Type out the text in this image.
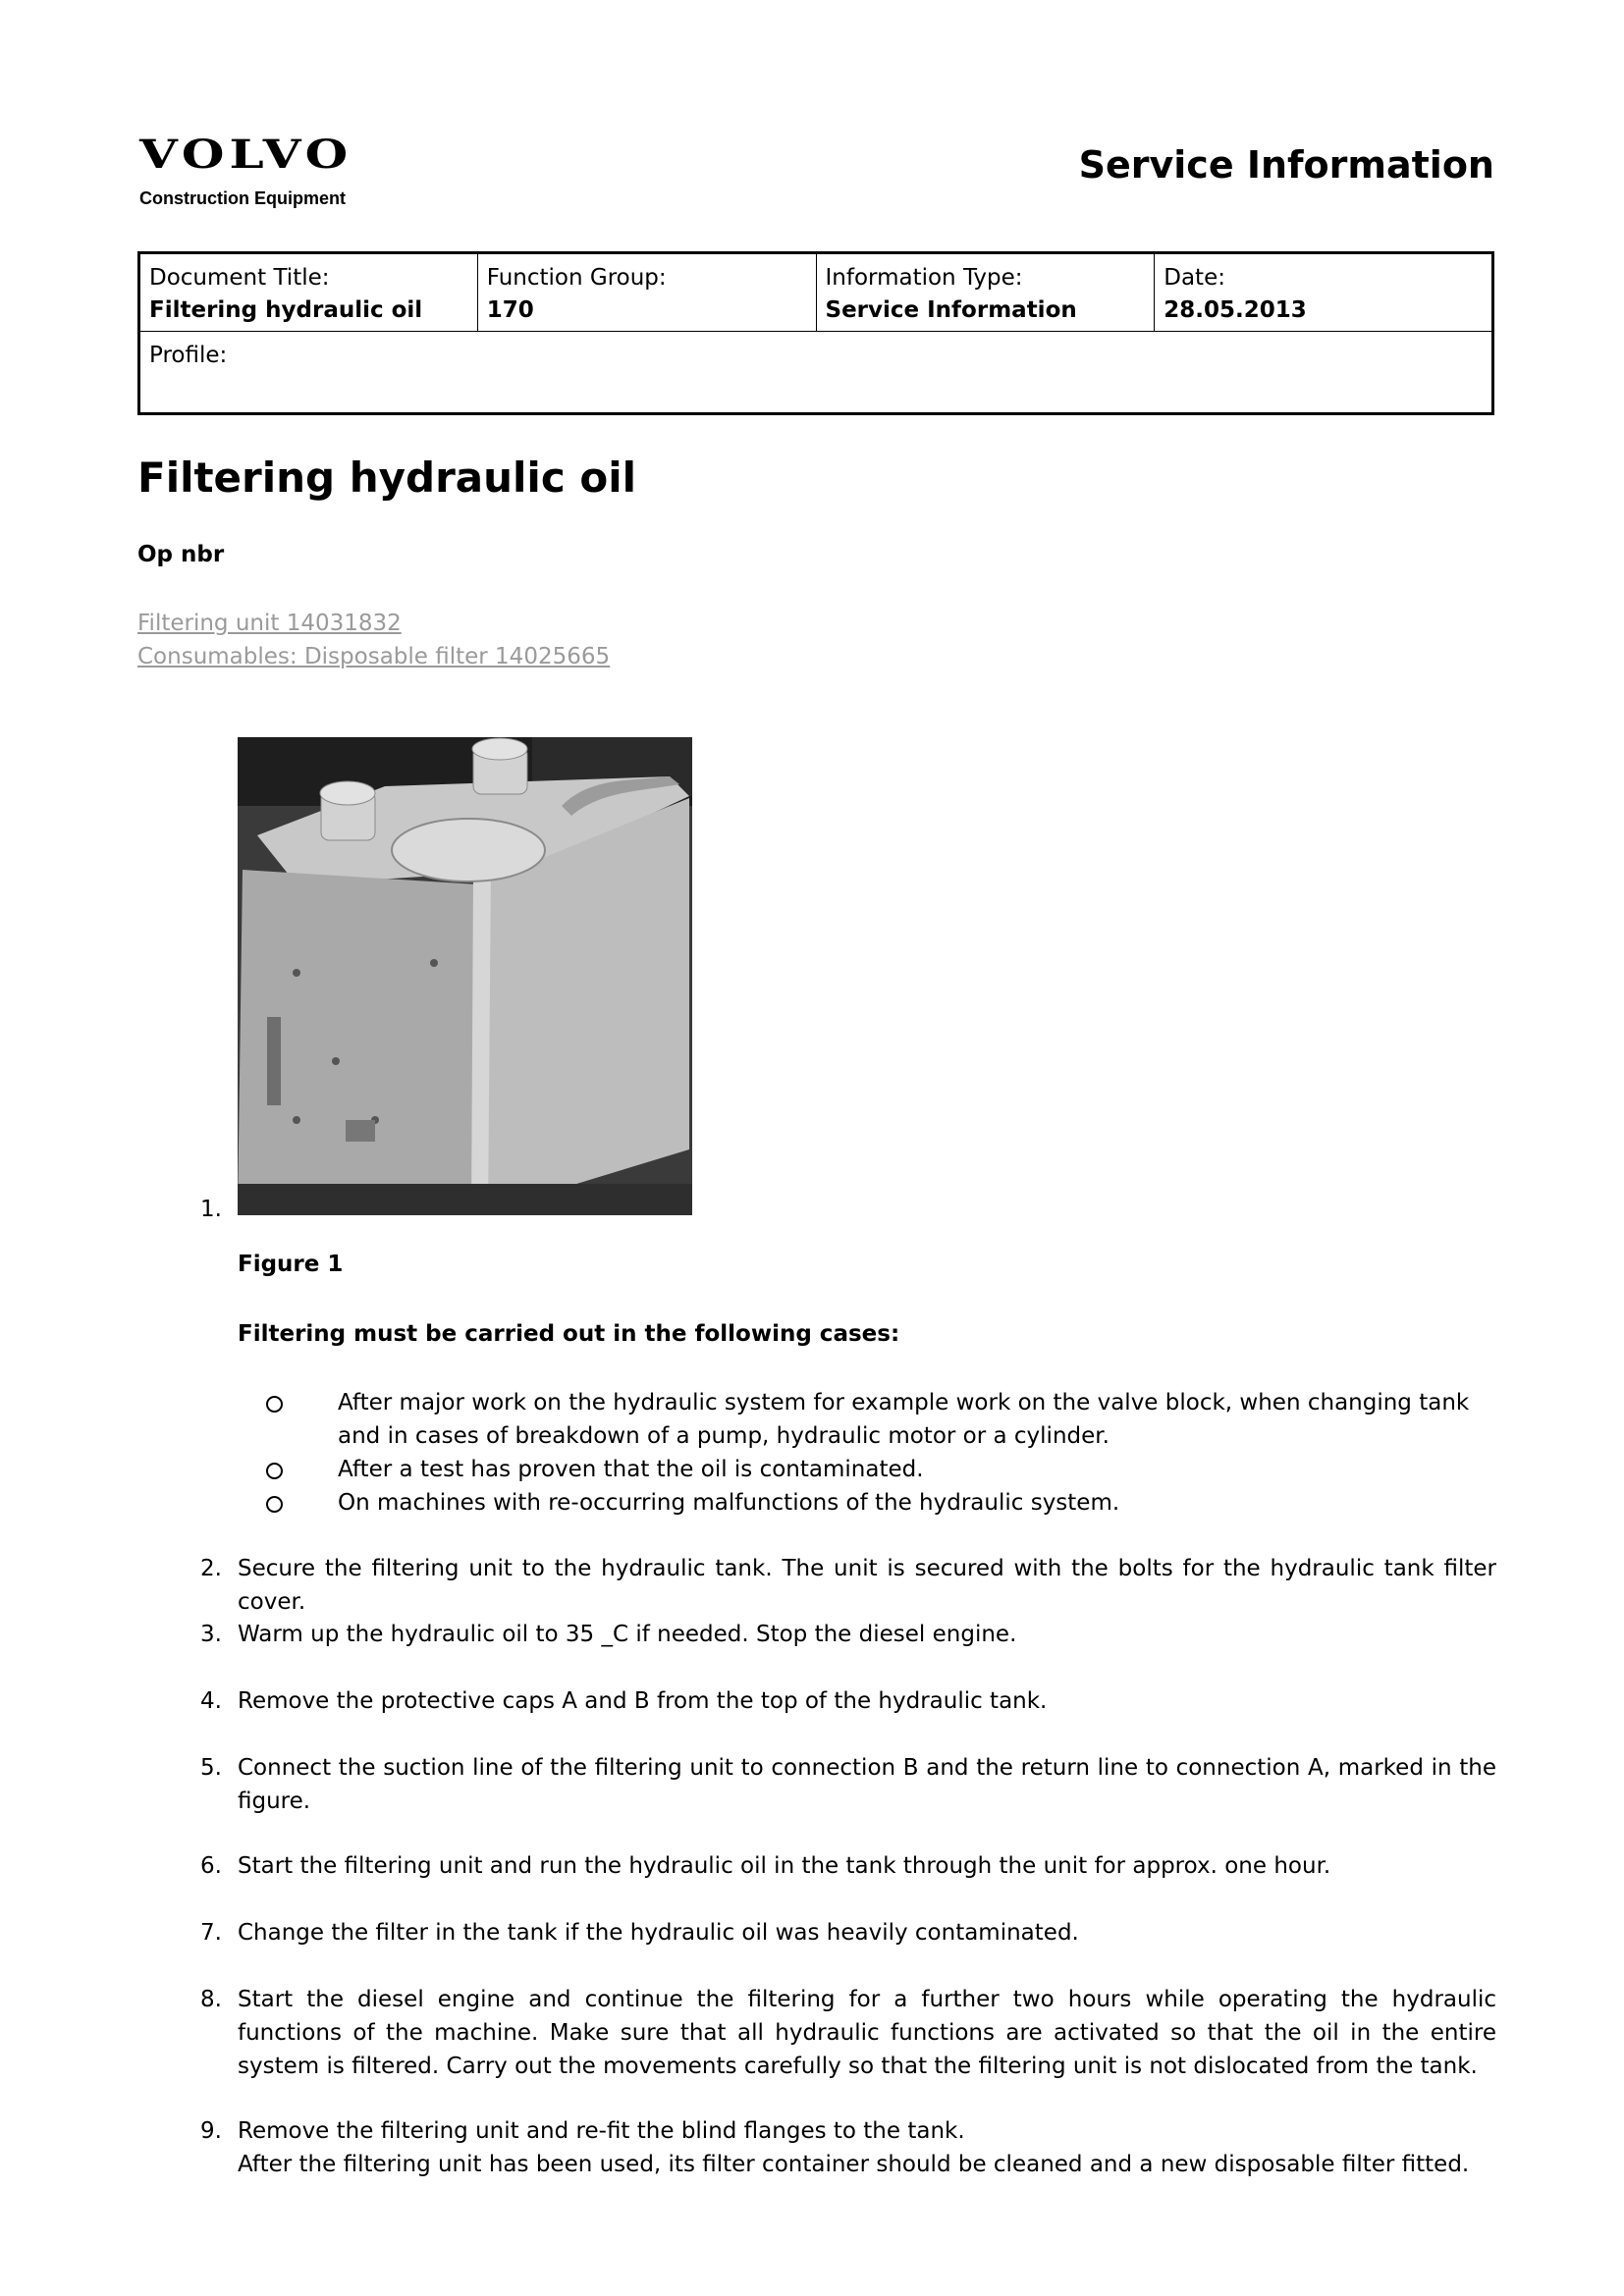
VOLVO
Construction Equipment
Service Information
Document Title:
Filtering hydraulic oil

Function Group:
170

Information Type:
Service Information

Date:
28.05.2013

Profile:
Filtering hydraulic oil
Op nbr
Filtering unit 14031832
Consumables: Disposable filter 14025665
1.
Figure 1
Filtering must be carried out in the following cases:
After major work on the hydraulic system for example work on the valve block, when changing tank and in cases of breakdown of a pump, hydraulic motor or a cylinder.
After a test has proven that the oil is contaminated.
On machines with re-occurring malfunctions of the hydraulic system.
2. Secure the filtering unit to the hydraulic tank. The unit is secured with the bolts for the hydraulic tank filter cover.
3. Warm up the hydraulic oil to 35 _C if needed. Stop the diesel engine.
4. Remove the protective caps A and B from the top of the hydraulic tank.
5. Connect the suction line of the filtering unit to connection B and the return line to connection A, marked in the figure.
6. Start the filtering unit and run the hydraulic oil in the tank through the unit for approx. one hour.
7. Change the filter in the tank if the hydraulic oil was heavily contaminated.
8. Start the diesel engine and continue the filtering for a further two hours while operating the hydraulic functions of the machine. Make sure that all hydraulic functions are activated so that the oil in the entire system is filtered. Carry out the movements carefully so that the filtering unit is not dislocated from the tank.
9. Remove the filtering unit and re-fit the blind flanges to the tank.
After the filtering unit has been used, its filter container should be cleaned and a new disposable filter fitted.
